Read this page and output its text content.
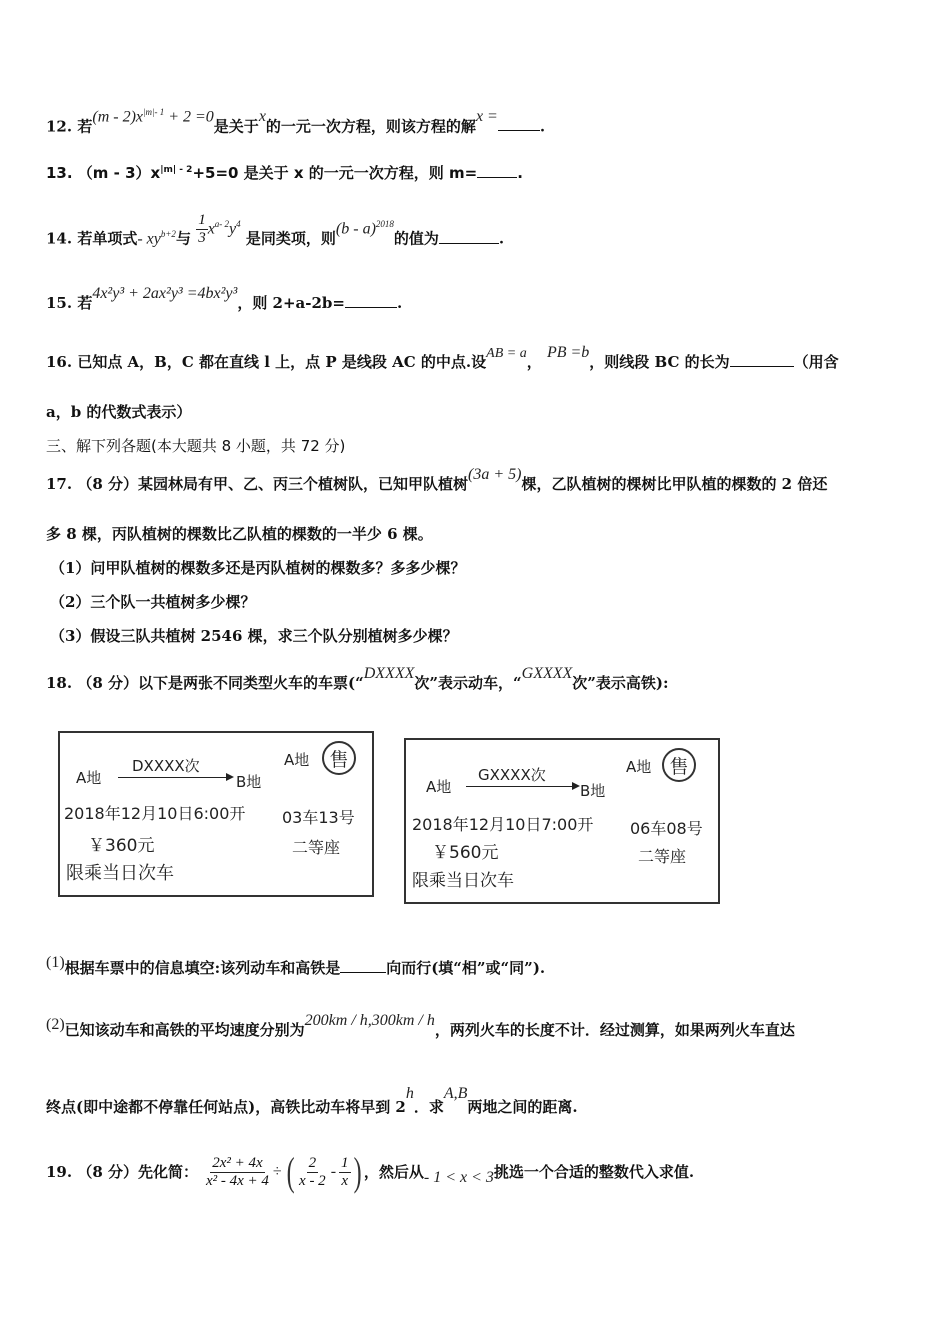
12. 若$(m - 2)x^{|m|- 1} + 2 =0$是关于x的一元一次方程，则该方程的解x =.
13. $(m - 3)x^{|m| - 2}+5=0$ 是关于 x 的一元一次方程，则 m=	.
14. 若单项式- $xy^{b+2}$与 $\frac{1}{3} x^{a- 2}y^4$ 是同类项，则(b - a)$^{2018}$的值为	.
15. 若4x²y³ + 2ax²y³ =4bx²y³，则 2+a-2b=	.
16. 已知点 A，B，C 都在直线 l 上，点 P 是线段 AC 的中点.设AB = a， PB =b，则线段 BC 的长为	（用含
a，b 的代数式表示）
三、解下列各题(本大题共 8 小题，共 72 分)
17. （8 分）某园林局有甲、乙、丙三个植树队，已知甲队植树(3a + 5)棵，乙队植树的棵树比甲队植的棵数的 2 倍还
多 8 棵，丙队植树的棵数比乙队植的棵数的一半少 6 棵。
（1）问甲队植树的棵数多还是丙队植树的棵数多？多多少棵？
（2）三个队一共植树多少棵？
（3）假设三队共植树 2546 棵，求三个队分别植树多少棵？
18. （8 分）以下是两张不同类型火车的车票(“DXXXX次”表示动车，“GXXXX次”表示高铁):
A地	售
DXXXX次
A地	B地
2018年12月10日6:00开 03车13号
￥360元	二等座
限乘当日次车
A地 售
GXXXX次
A地	B地
2018年12月10日7:00开 06车08号
￥560元	二等座
限乘当日次车
(1)根据车票中的信息填空:该列动车和高铁是	向而行(填“相”或“同”).
(2)已知该动车和高铁的平均速度分别为200km / h,300km / h，两列火车的长度不计．经过测算，如果两列火车直达
终点(即中途都不停靠任何站点)，高铁比动车将早到 2h．求A,B两地之间的距离.
19. （8 分）先化简： $\frac{\text{2x² + 4x}}{\text{x² - 4x + 4}}$ ÷ ( $\frac{2}{x - 2} - \frac{1}{x}$ ) ，然后从 - 1 < x < 3 挑选一个合适的整数代入求值.
